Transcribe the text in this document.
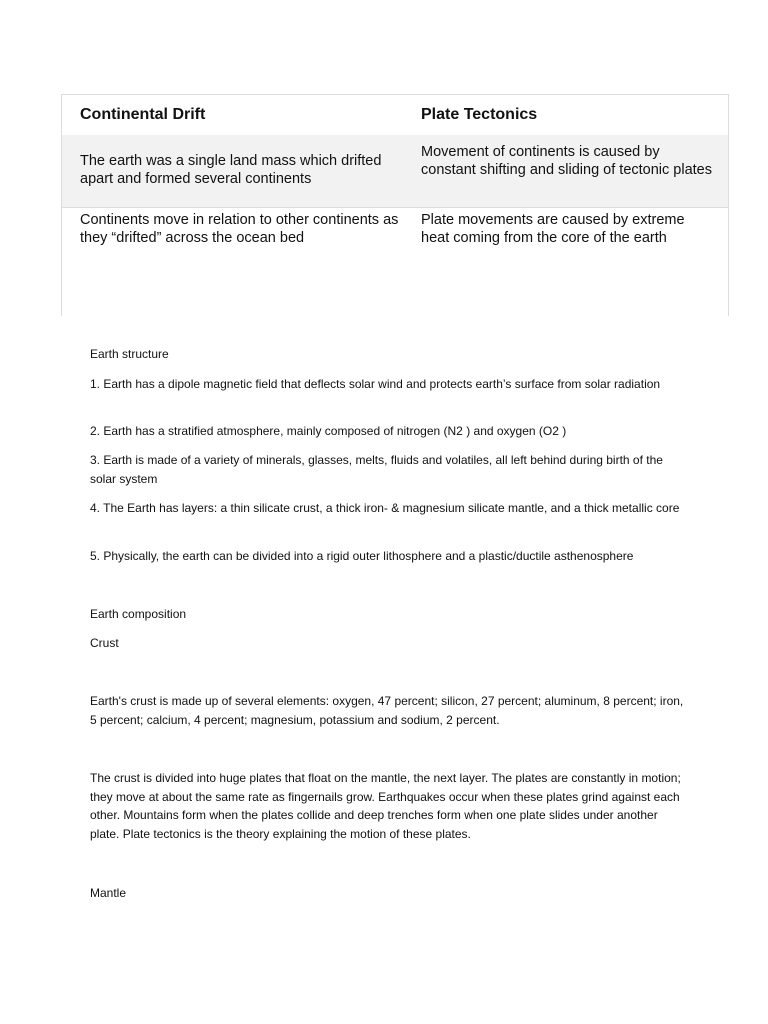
Continental Drift	Plate Tectonics
The earth was a single land mass which drifted apart and formed several continents
Movement of continents is caused by constant shifting and sliding of tectonic plates
Continents move in relation to other continents as they “drifted” across the ocean bed
Plate movements are caused by extreme heat coming from the core of the earth

Earth structure

1. Earth has a dipole magnetic field that deflects solar wind and protects earth’s surface from solar radiation

2. Earth has a stratified atmosphere, mainly composed of nitrogen (N2 ) and oxygen (O2 )

3. Earth is made of a variety of minerals, glasses, melts, fluids and volatiles, all left behind during birth of the solar system

4. The Earth has layers: a thin silicate crust, a thick iron- & magnesium silicate mantle, and a thick metallic core

5. Physically, the earth can be divided into a rigid outer lithosphere and a plastic/ductile asthenosphere

Earth composition

Crust

Earth's crust is made up of several elements: oxygen, 47 percent; silicon, 27 percent; aluminum, 8 percent; iron, 5 percent; calcium, 4 percent; magnesium, potassium and sodium, 2 percent.

The crust is divided into huge plates that float on the mantle, the next layer. The plates are constantly in motion; they move at about the same rate as fingernails grow. Earthquakes occur when these plates grind against each other. Mountains form when the plates collide and deep trenches form when one plate slides under another plate. Plate tectonics is the theory explaining the motion of these plates.

Mantle
